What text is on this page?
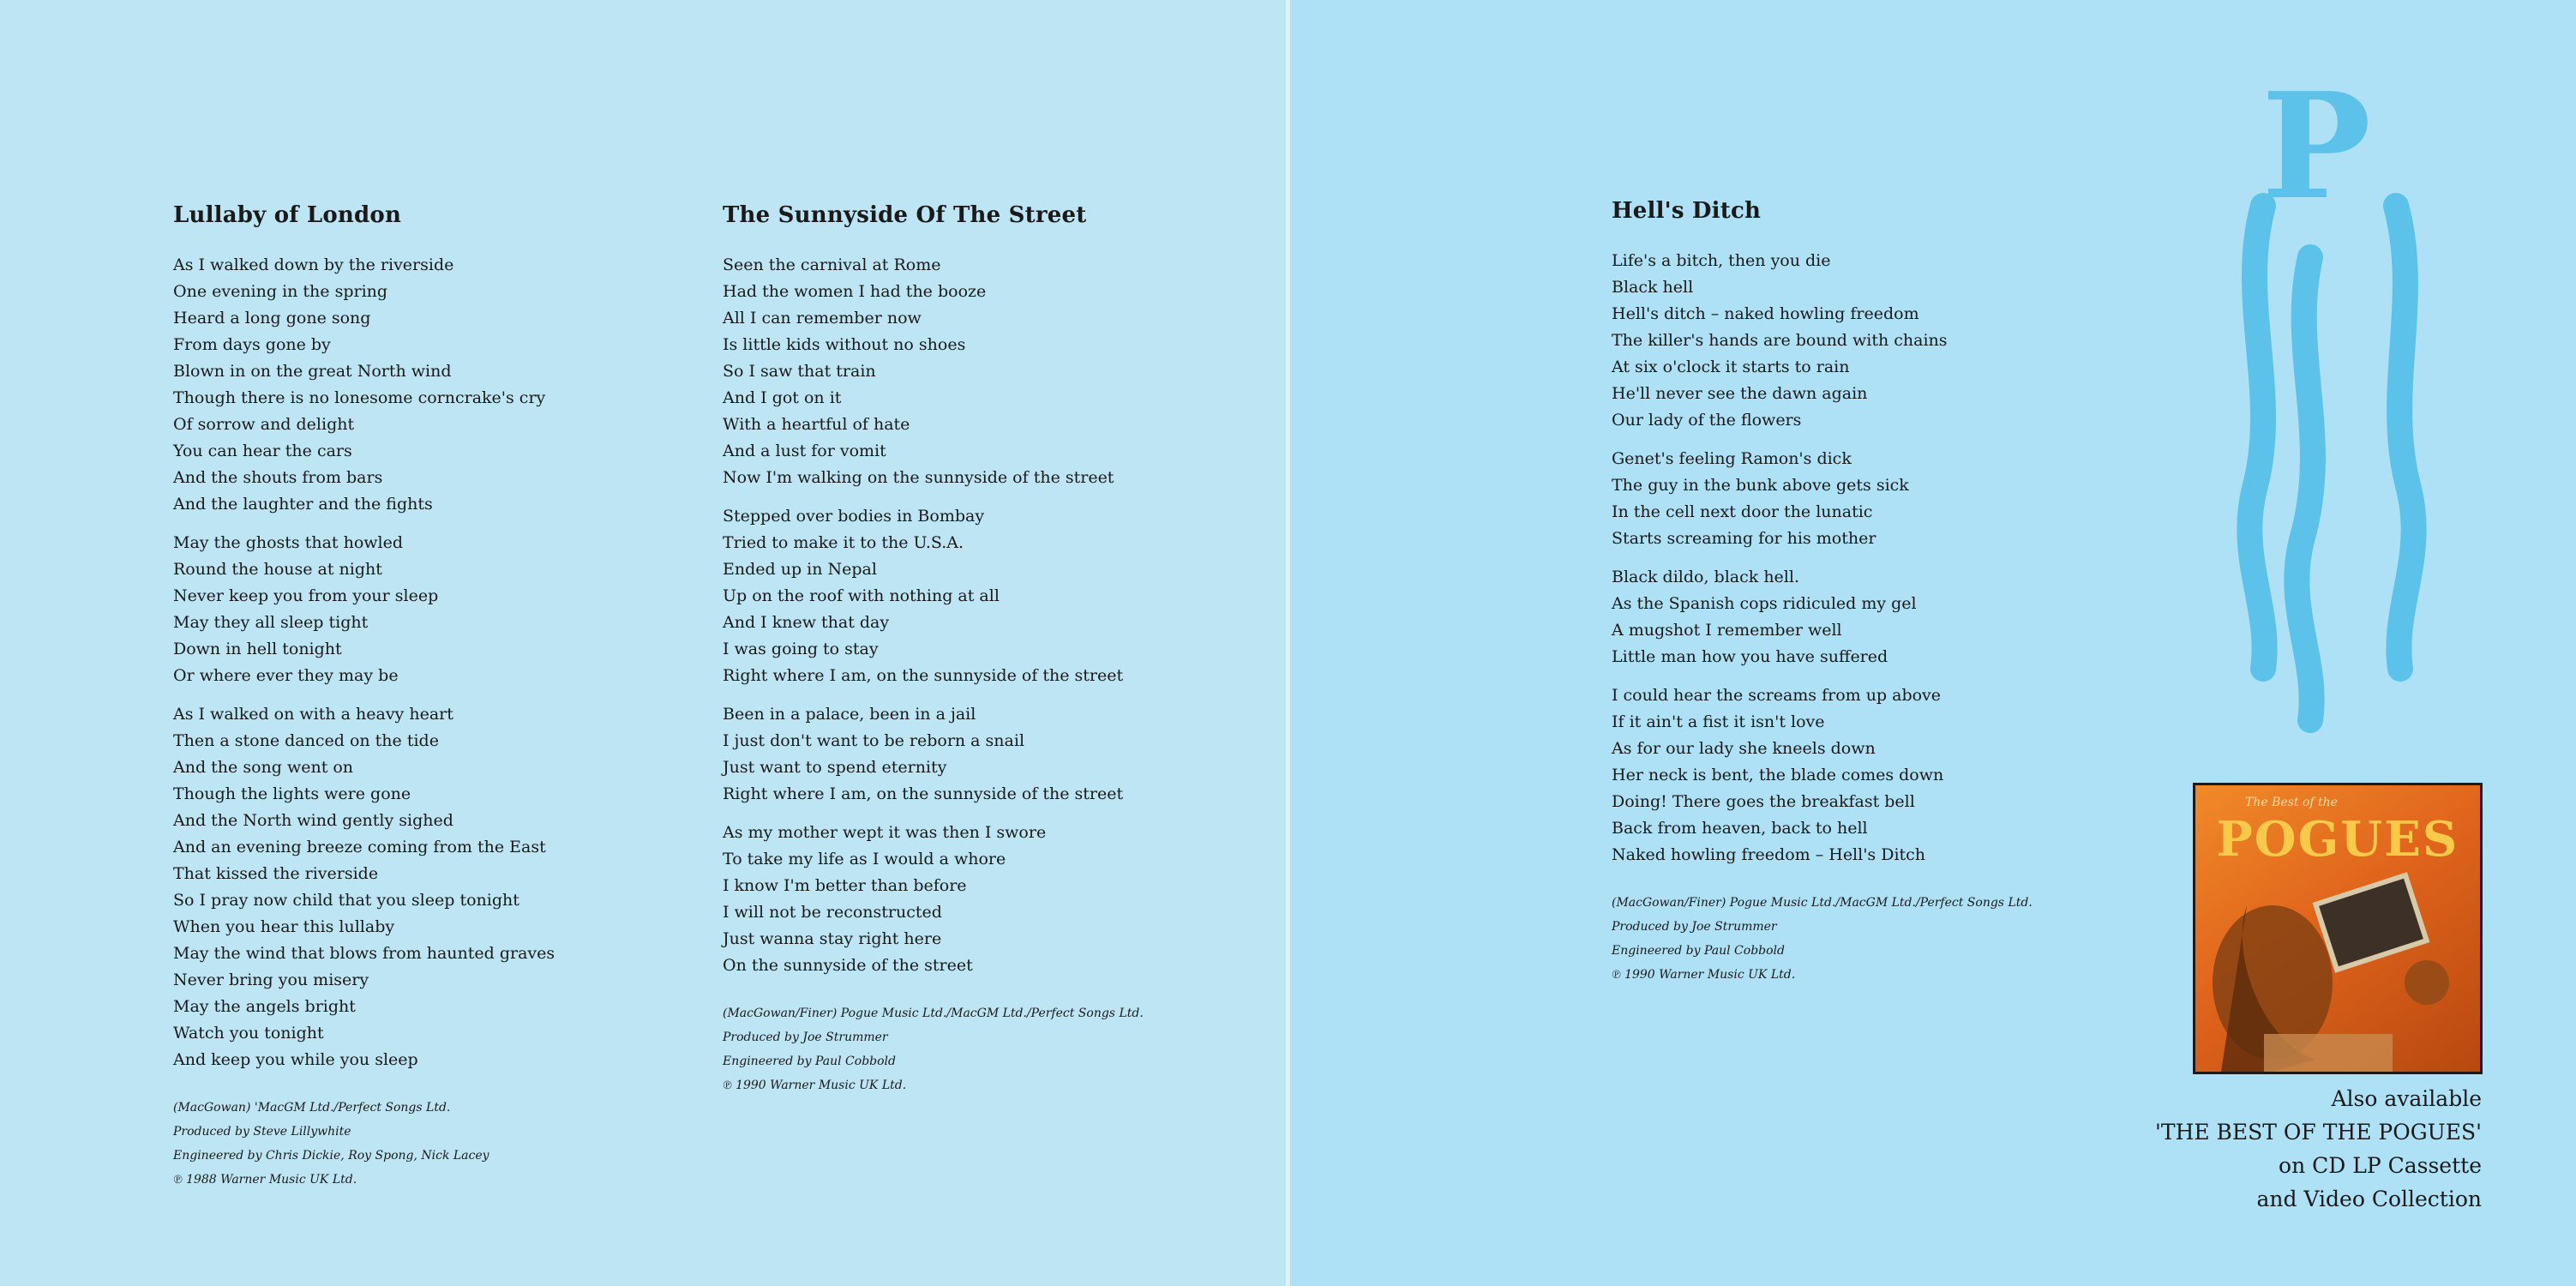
Lullaby of London
As I walked down by the riverside
One evening in the spring
Heard a long gone song
From days gone by
Blown in on the great North wind
Though there is no lonesome corncrake's cry
Of sorrow and delight
You can hear the cars
And the shouts from bars
And the laughter and the fights
May the ghosts that howled
Round the house at night
Never keep you from your sleep
May they all sleep tight
Down in hell tonight
Or where ever they may be
As I walked on with a heavy heart
Then a stone danced on the tide
And the song went on
Though the lights were gone
And the North wind gently sighed
And an evening breeze coming from the East
That kissed the riverside
So I pray now child that you sleep tonight
When you hear this lullaby
May the wind that blows from haunted graves
Never bring you misery
May the angels bright
Watch you tonight
And keep you while you sleep
(MacGowan) 'MacGM Ltd./Perfect Songs Ltd.
Produced by Steve Lillywhite
Engineered by Chris Dickie, Roy Spong, Nick Lacey
℗ 1988 Warner Music UK Ltd.
The Sunnyside Of The Street
Seen the carnival at Rome
Had the women I had the booze
All I can remember now
Is little kids without no shoes
So I saw that train
And I got on it
With a heartful of hate
And a lust for vomit
Now I'm walking on the sunnyside of the street
Stepped over bodies in Bombay
Tried to make it to the U.S.A.
Ended up in Nepal
Up on the roof with nothing at all
And I knew that day
I was going to stay
Right where I am, on the sunnyside of the street
Been in a palace, been in a jail
I just don't want to be reborn a snail
Just want to spend eternity
Right where I am, on the sunnyside of the street
As my mother wept it was then I swore
To take my life as I would a whore
I know I'm better than before
I will not be reconstructed
Just wanna stay right here
On the sunnyside of the street
(MacGowan/Finer) Pogue Music Ltd./MacGM Ltd./Perfect Songs Ltd.
Produced by Joe Strummer
Engineered by Paul Cobbold
℗ 1990 Warner Music UK Ltd.
Hell's Ditch
Life's a bitch, then you die
Black hell
Hell's ditch – naked howling freedom
The killer's hands are bound with chains
At six o'clock it starts to rain
He'll never see the dawn again
Our lady of the flowers
Genet's feeling Ramon's dick
The guy in the bunk above gets sick
In the cell next door the lunatic
Starts screaming for his mother
Black dildo, black hell.
As the Spanish cops ridiculed my gel
A mugshot I remember well
Little man how you have suffered
I could hear the screams from up above
If it ain't a fist it isn't love
As for our lady she kneels down
Her neck is bent, the blade comes down
Doing! There goes the breakfast bell
Back from heaven, back to hell
Naked howling freedom – Hell's Ditch
(MacGowan/Finer) Pogue Music Ltd./MacGM Ltd./Perfect Songs Ltd.
Produced by Joe Strummer
Engineered by Paul Cobbold
℗ 1990 Warner Music UK Ltd.
P
The Best of the
POGUES
Also available
'THE BEST OF THE POGUES'
on CD LP Cassette
and Video Collection
